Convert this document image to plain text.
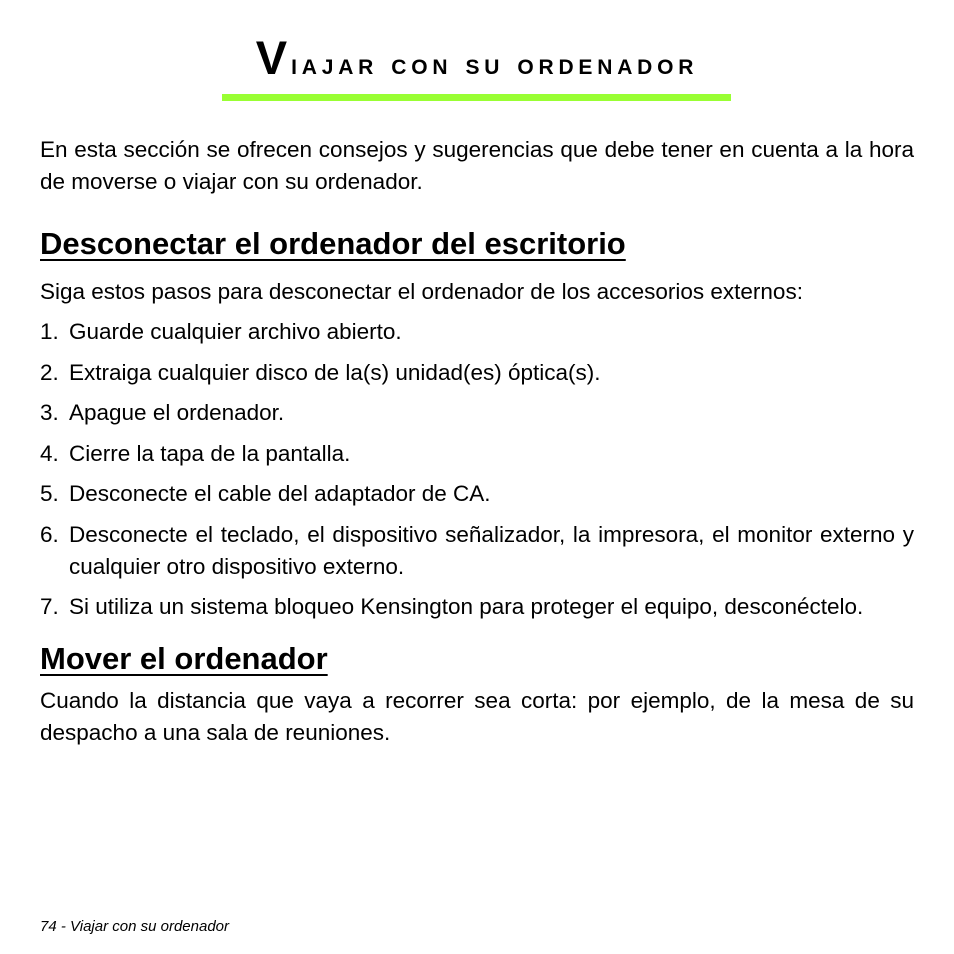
Viajar con su ordenador

En esta sección se ofrecen consejos y sugerencias que debe tener en cuenta a la hora de moverse o viajar con su ordenador.

Desconectar el ordenador del escritorio

Siga estos pasos para desconectar el ordenador de los accesorios externos:

1. Guarde cualquier archivo abierto.
2. Extraiga cualquier disco de la(s) unidad(es) óptica(s).
3. Apague el ordenador.
4. Cierre la tapa de la pantalla.
5. Desconecte el cable del adaptador de CA.
6. Desconecte el teclado, el dispositivo señalizador, la impresora, el monitor externo y cualquier otro dispositivo externo.
7. Si utiliza un sistema bloqueo Kensington para proteger el equipo, desconéctelo.
Mover el ordenador

Cuando la distancia que vaya a recorrer sea corta: por ejemplo, de la mesa de su despacho a una sala de reuniones.

74 - Viajar con su ordenador
